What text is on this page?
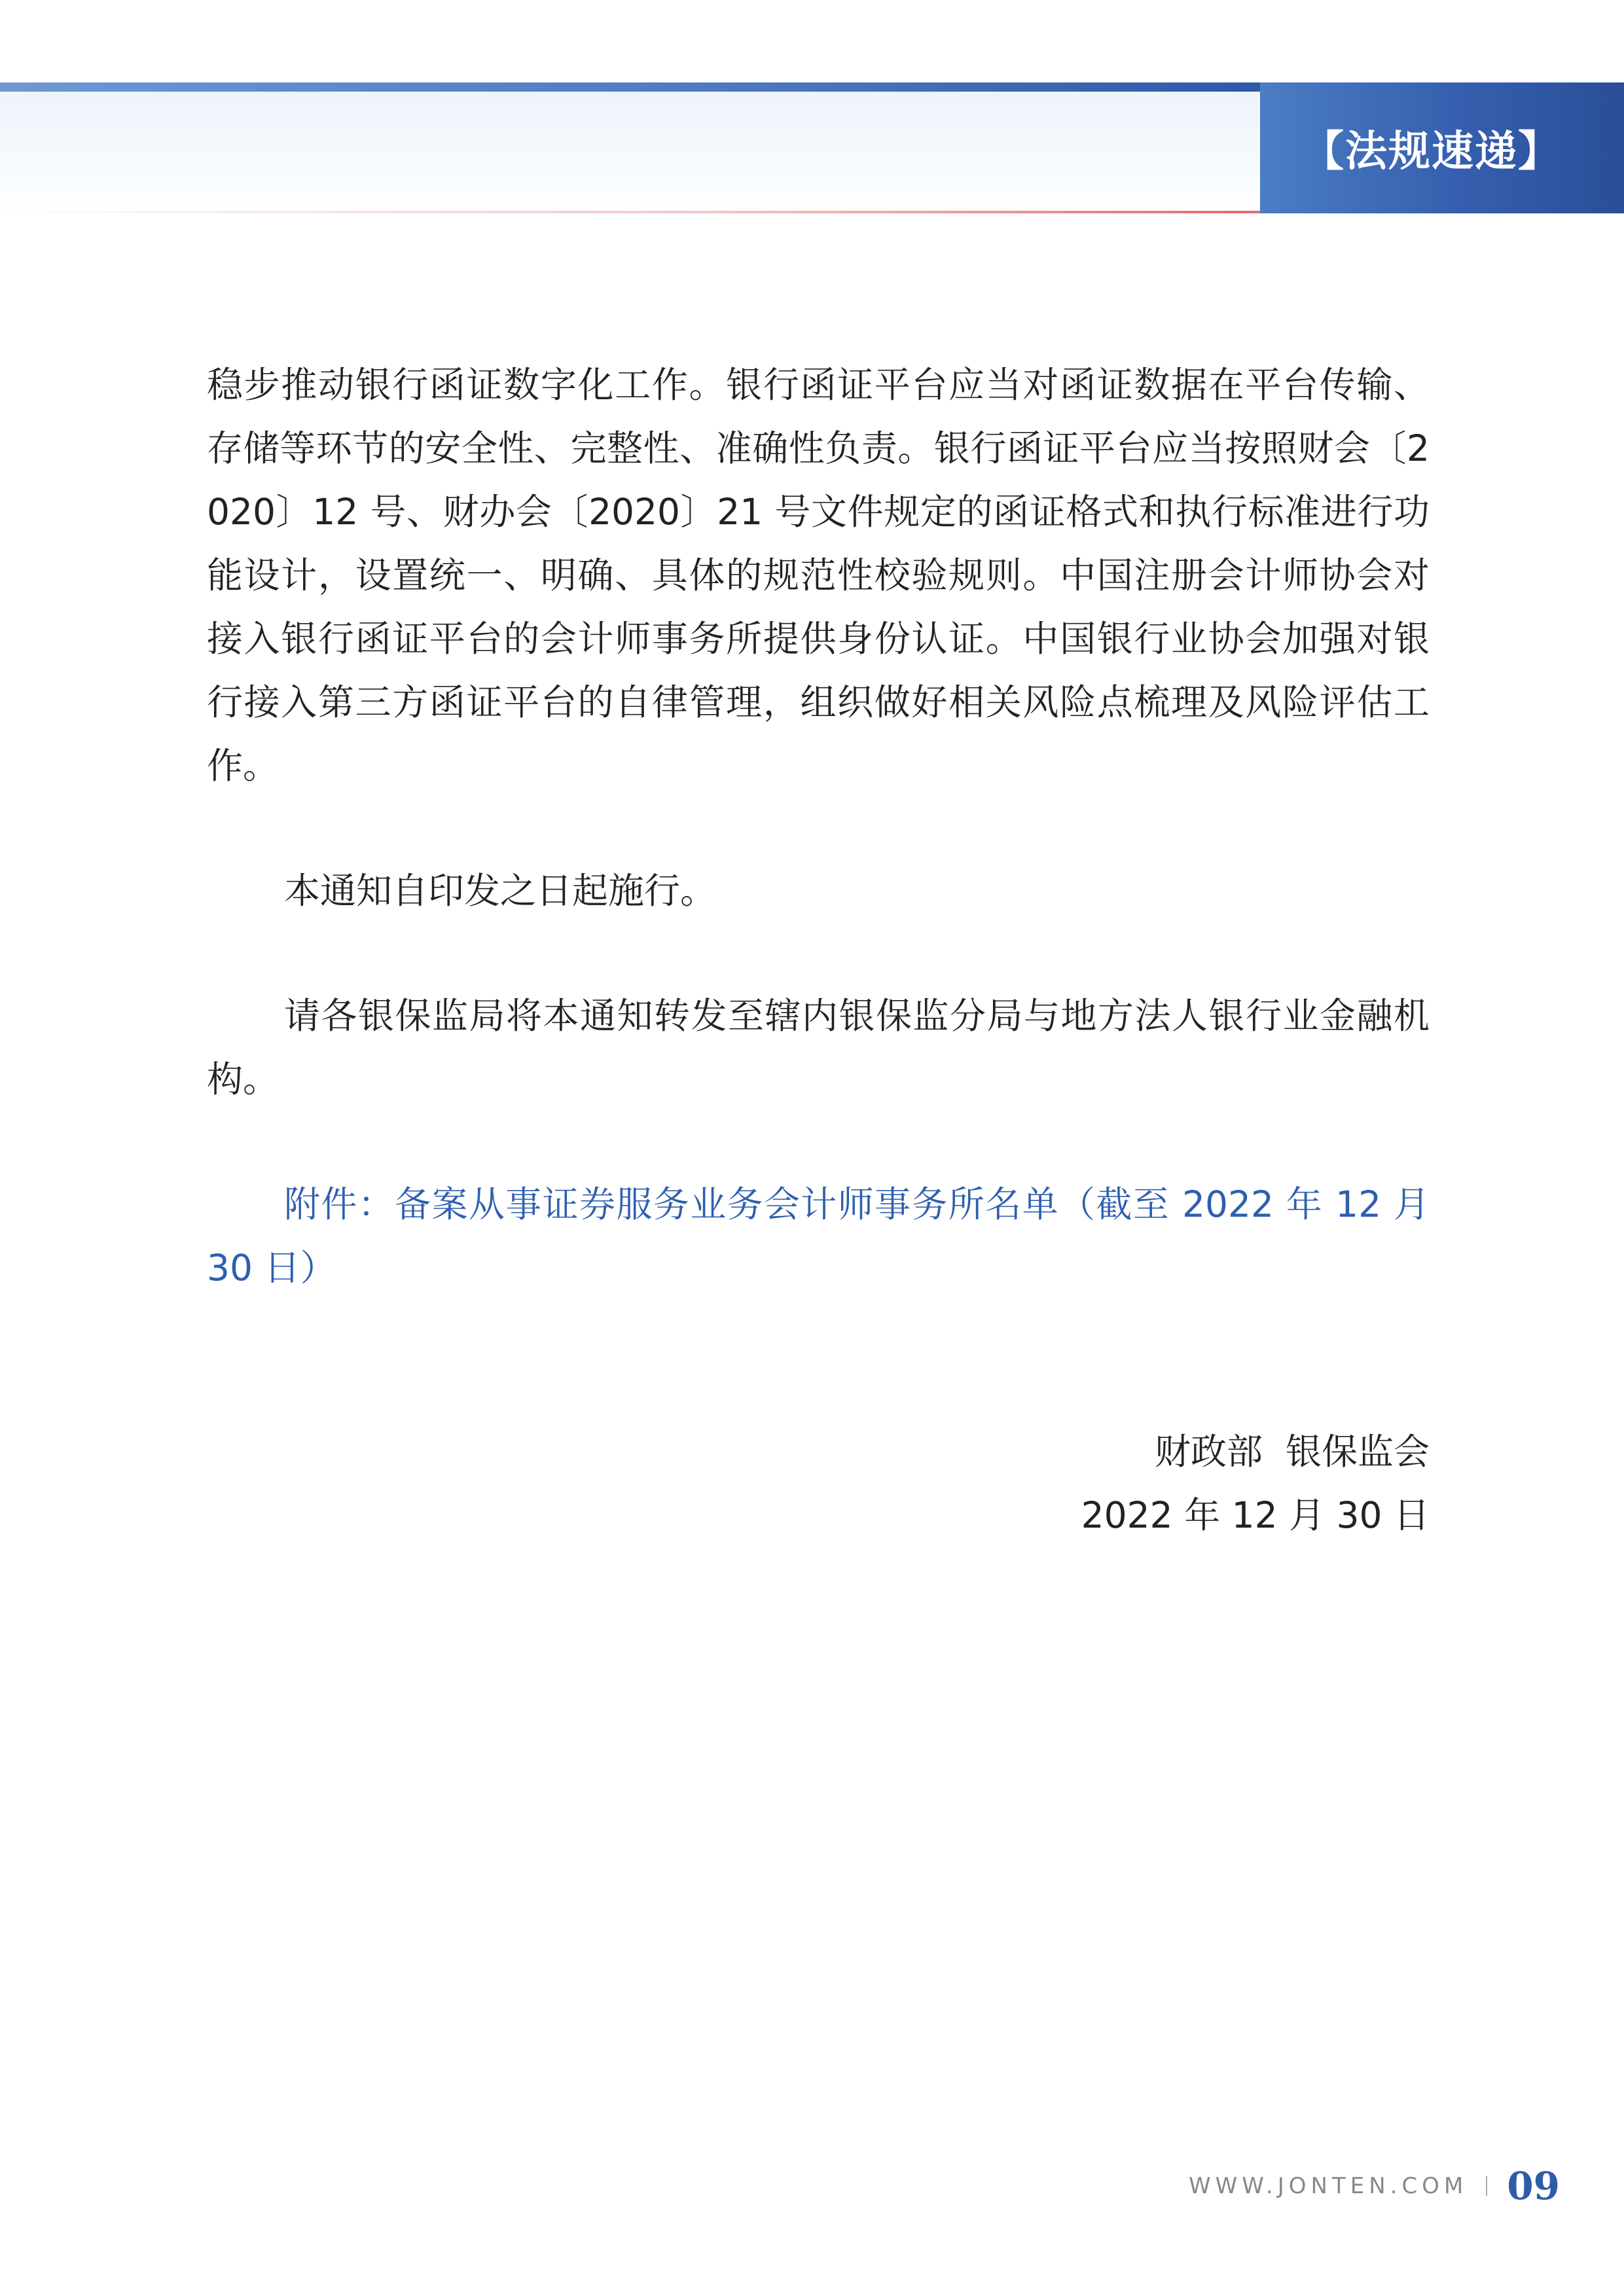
【法规速递】

稳步推动银行函证数字化工作。银行函证平台应当对函证数据在平台传输、存储等环节的安全性、完整性、准确性负责。银行函证平台应当按照财会〔2020〕12 号、财办会〔2020〕21 号文件规定的函证格式和执行标准进行功能设计，设置统一、明确、具体的规范性校验规则。中国注册会计师协会对接入银行函证平台的会计师事务所提供身份认证。中国银行业协会加强对银行接入第三方函证平台的自律管理，组织做好相关风险点梳理及风险评估工作。

本通知自印发之日起施行。

请各银保监局将本通知转发至辖内银保监分局与地方法人银行业金融机构。

附件：备案从事证券服务业务会计师事务所名单（截至 2022 年 12 月 30 日）

财政部  银保监会
2022 年 12 月 30 日
WWW.JONTEN.COM 09
